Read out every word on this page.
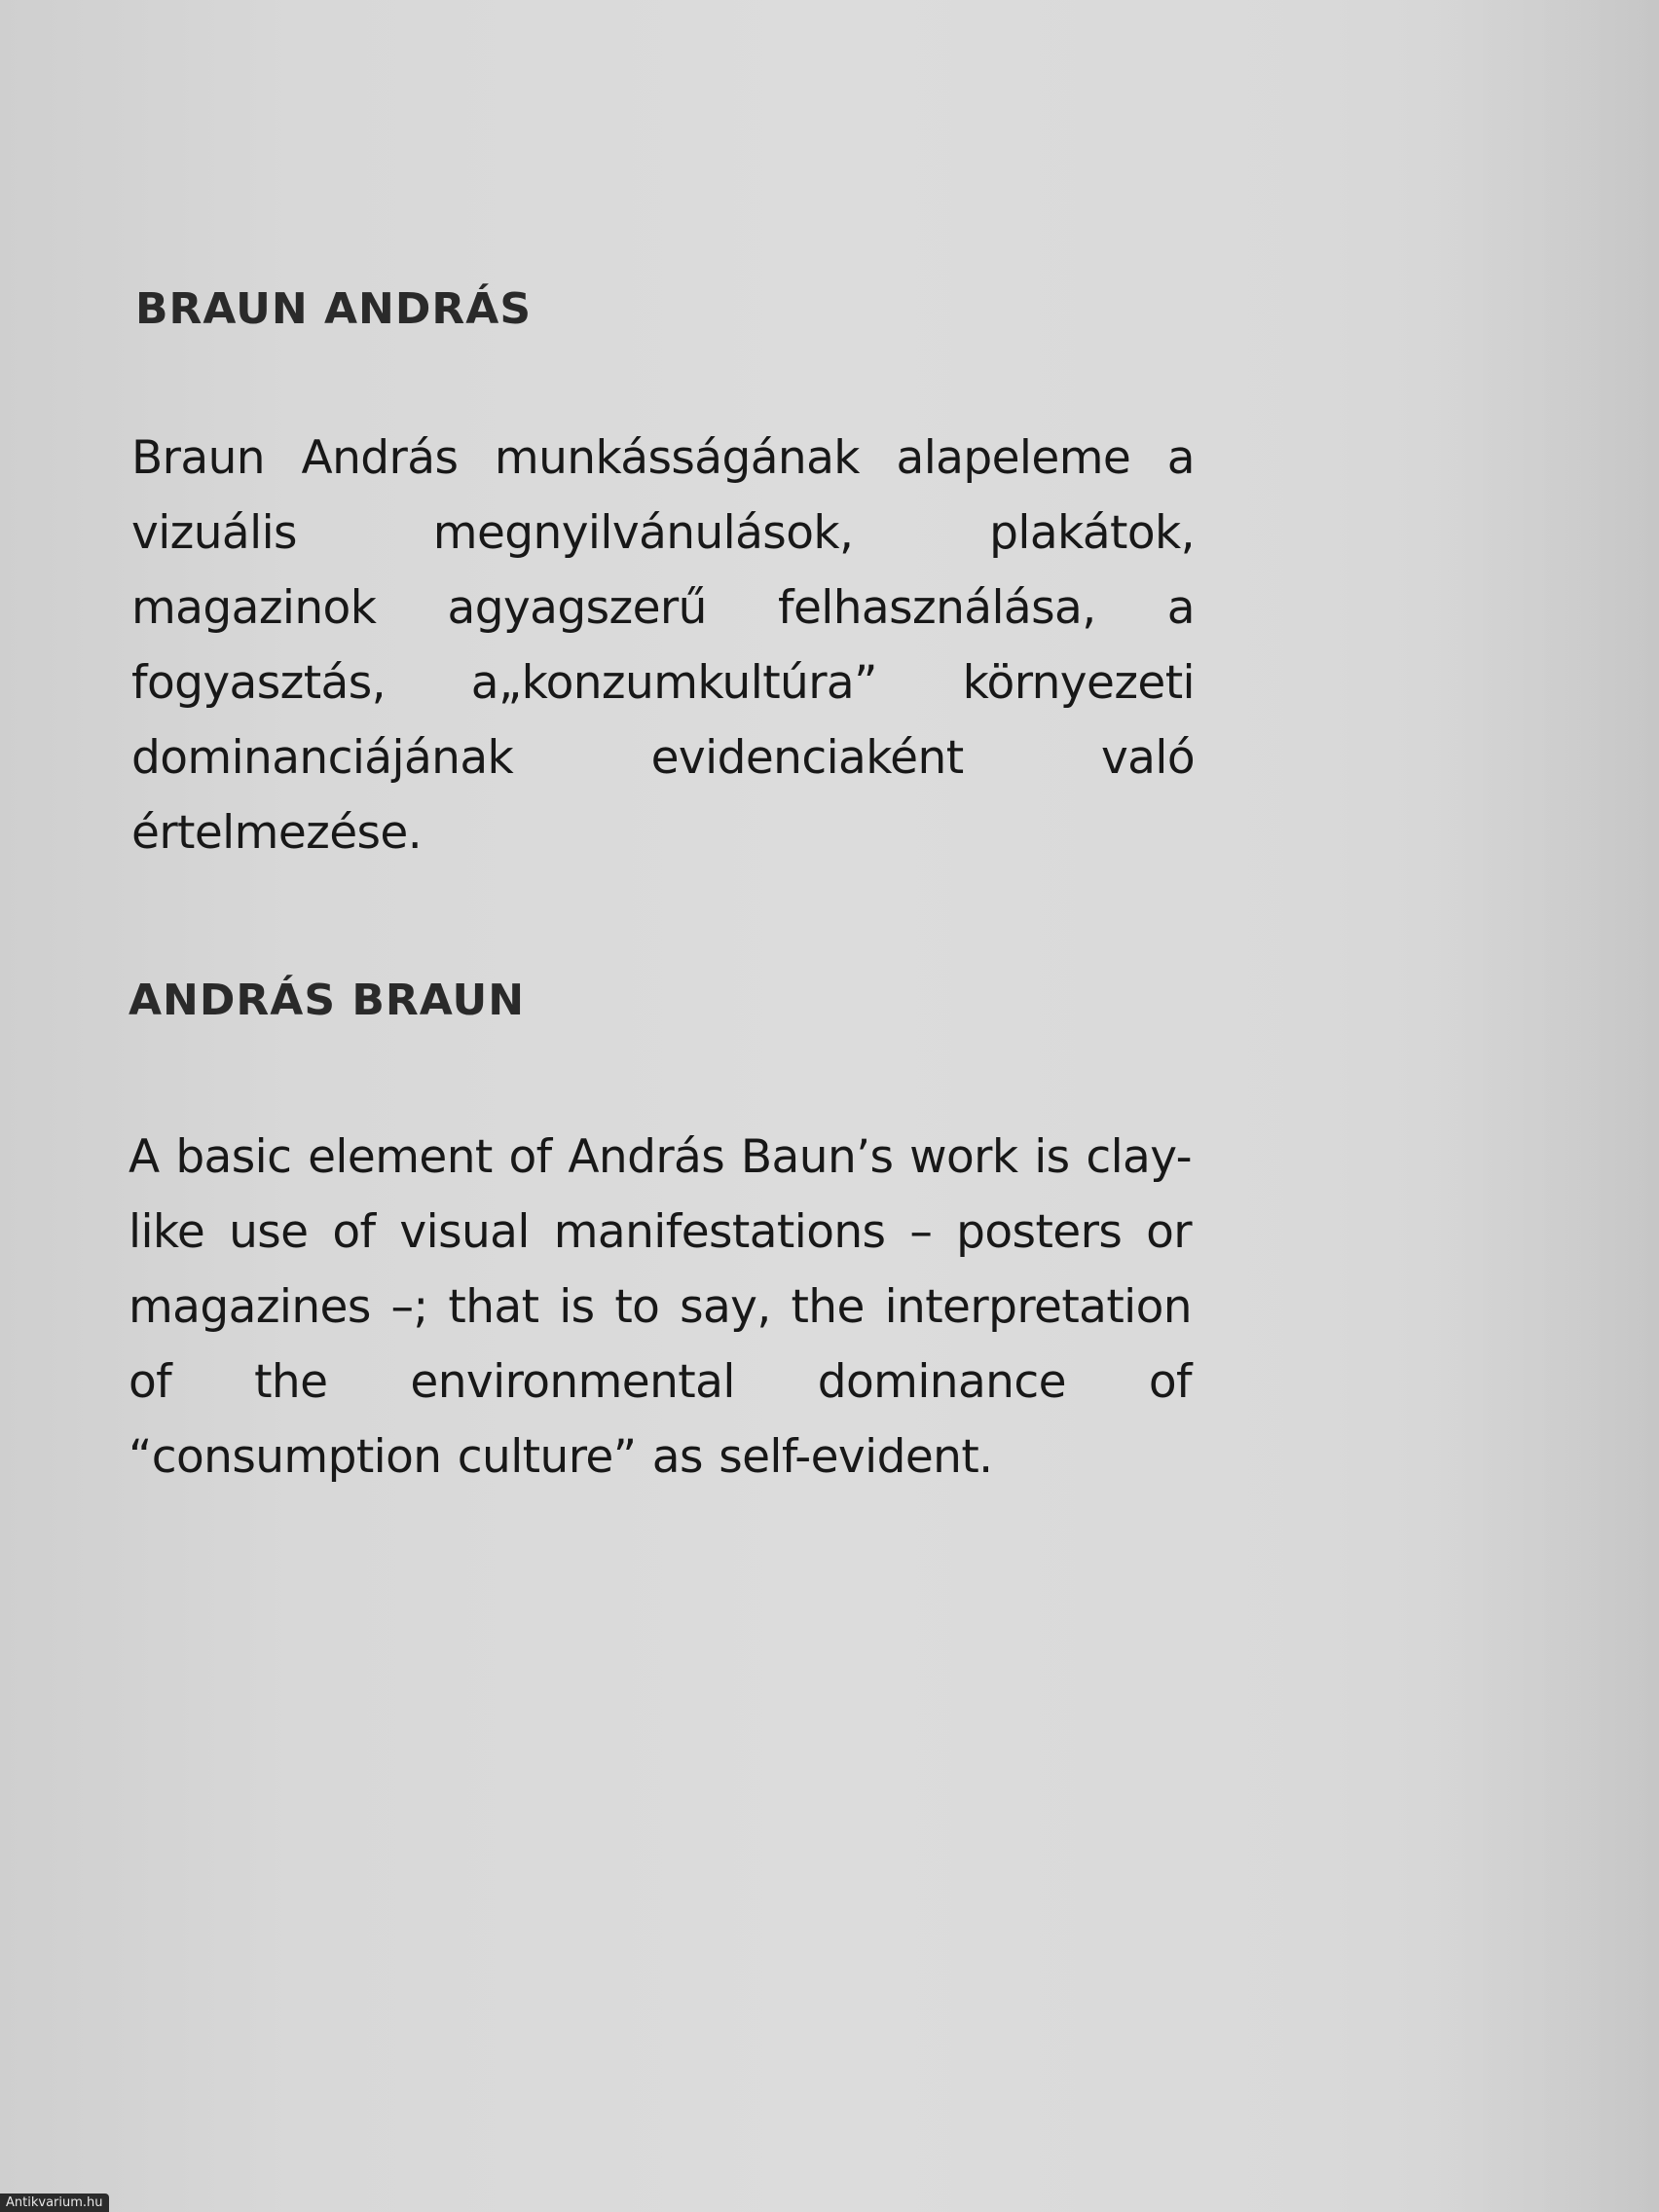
BRAUN ANDRÁS

Braun András munkásságának alapeleme a vizuális megnyilvánulások, plakátok, magazinok agyagszerű felhasználása, a fogyasztás, a„konzumkultúra” környezeti dominanciájának evidenciaként való értelmezése.

ANDRÁS BRAUN

A basic element of András Baun’s work is clay-like use of visual manifestations – posters or magazines –; that is to say, the interpretation of the environmental dominance of “consumption culture” as self-evident.

Antikvarium.hu
